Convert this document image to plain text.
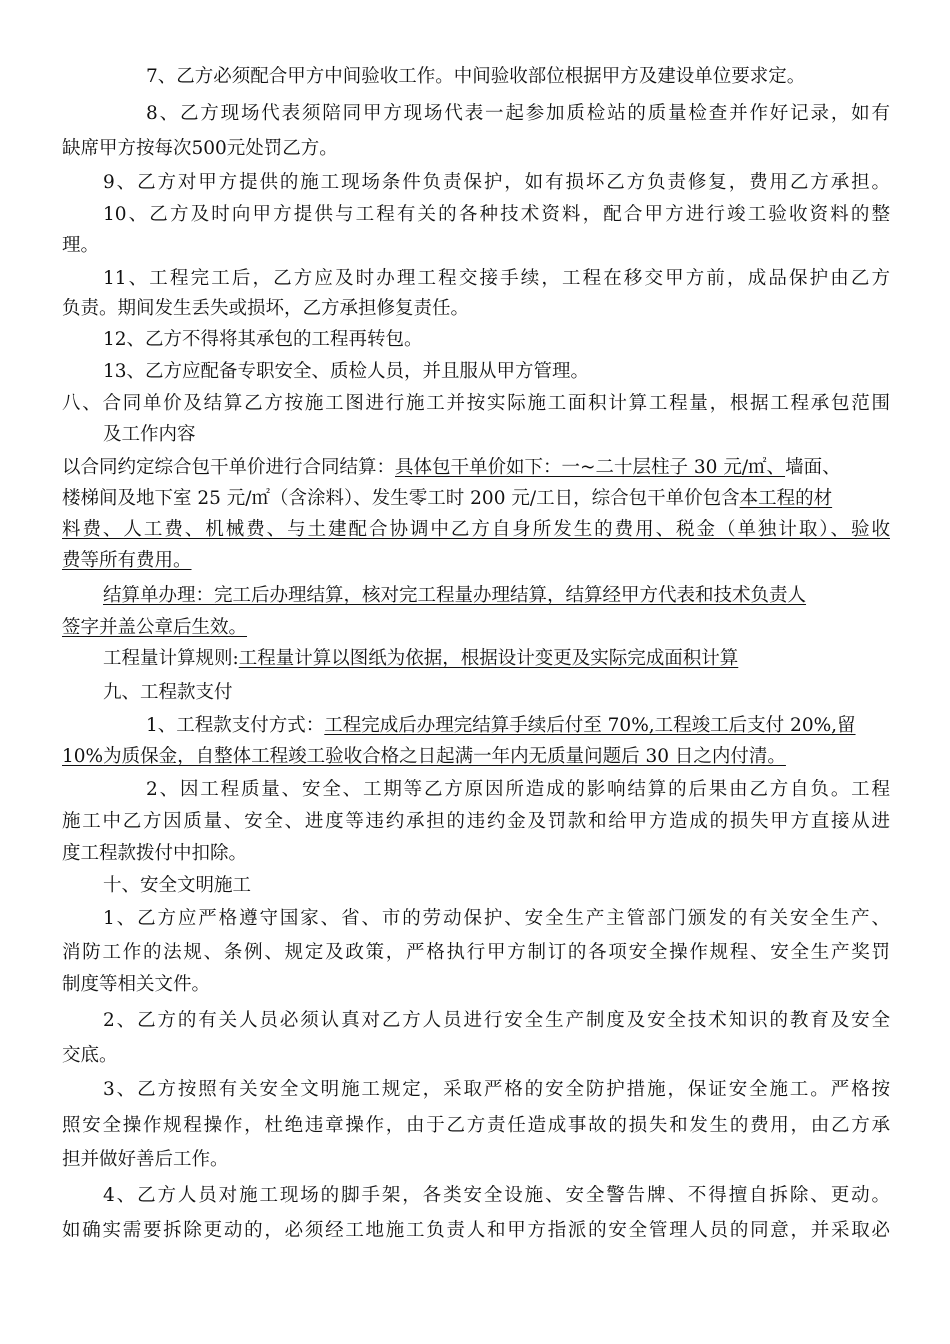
7、乙方必须配合甲方中间验收工作。中间验收部位根据甲方及建设单位要求定。
8、乙方现场代表须陪同甲方现场代表一起参加质检站的质量检查并作好记录，如有
缺席甲方按每次500元处罚乙方。
9、乙方对甲方提供的施工现场条件负责保护，如有损坏乙方负责修复，费用乙方承担。
10、乙方及时向甲方提供与工程有关的各种技术资料，配合甲方进行竣工验收资料的整
理。
11、工程完工后，乙方应及时办理工程交接手续，工程在移交甲方前，成品保护由乙方
负责。期间发生丢失或损坏，乙方承担修复责任。
12、乙方不得将其承包的工程再转包。
13、乙方应配备专职安全、质检人员，并且服从甲方管理。
八、合同单价及结算乙方按施工图进行施工并按实际施工面积计算工程量，根据工程承包范围
及工作内容
以合同约定综合包干单价进行合同结算：具体包干单价如下：一~二十层柱子 30 元/㎡、墙面、
楼梯间及地下室 25 元/㎡（含涂料）、发生零工时 200 元/工日，综合包干单价包含本工程的材
料费、人工费、机械费、与土建配合协调中乙方自身所发生的费用、税金（单独计取）、验收
费等所有费用。
结算单办理：完工后办理结算，核对完工程量办理结算，结算经甲方代表和技术负责人
签字并盖公章后生效。
工程量计算规则:工程量计算以图纸为依据，根据设计变更及实际完成面积计算
九、工程款支付
1、工程款支付方式：工程完成后办理完结算手续后付至 70%,工程竣工后支付 20%,留
10%为质保金，自整体工程竣工验收合格之日起满一年内无质量问题后 30 日之内付清。
2、因工程质量、安全、工期等乙方原因所造成的影响结算的后果由乙方自负。工程
施工中乙方因质量、安全、进度等违约承担的违约金及罚款和给甲方造成的损失甲方直接从进
度工程款拨付中扣除。
十、安全文明施工
1、乙方应严格遵守国家、省、市的劳动保护、安全生产主管部门颁发的有关安全生产、
消防工作的法规、条例、规定及政策，严格执行甲方制订的各项安全操作规程、安全生产奖罚
制度等相关文件。
2、乙方的有关人员必须认真对乙方人员进行安全生产制度及安全技术知识的教育及安全
交底。
3、乙方按照有关安全文明施工规定，采取严格的安全防护措施，保证安全施工。严格按
照安全操作规程操作，杜绝违章操作，由于乙方责任造成事故的损失和发生的费用，由乙方承
担并做好善后工作。
4、乙方人员对施工现场的脚手架，各类安全设施、安全警告牌、不得擅自拆除、更动。
如确实需要拆除更动的，必须经工地施工负责人和甲方指派的安全管理人员的同意，并采取必
